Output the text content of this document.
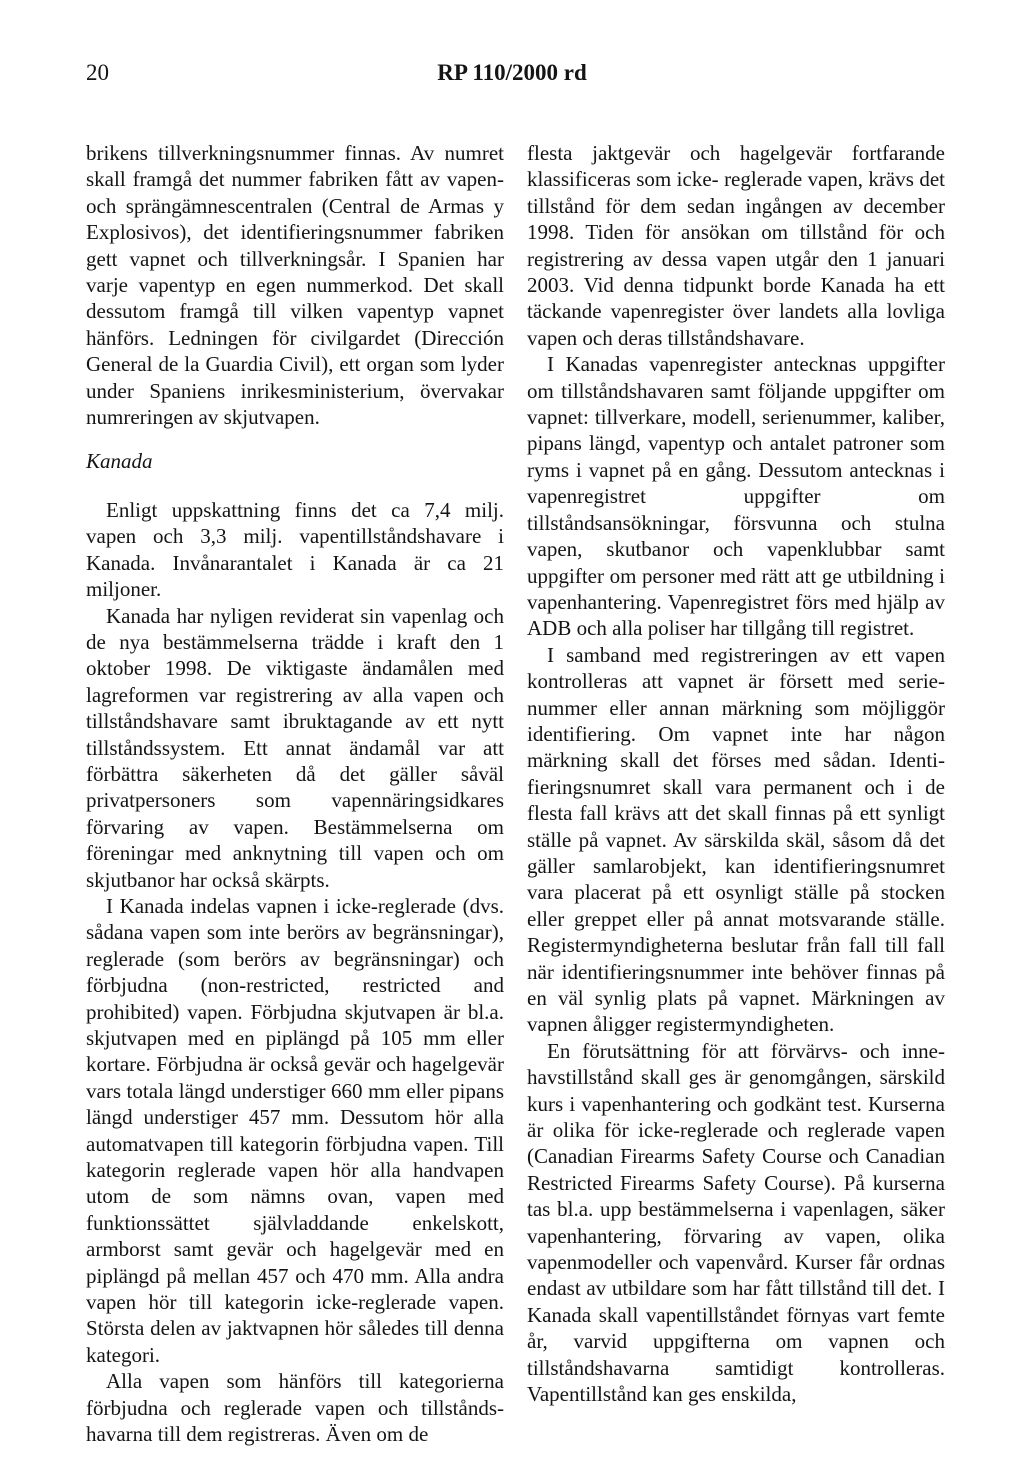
20	RP 110/2000 rd

brikens tillverkningsnummer finnas. Av numret skall framgå det nummer fabriken fått av vapen- och sprängämnescentralen (Central de Armas y Explosivos), det identifieringsnummer fabriken gett vapnet och tillverkningsår. I Spanien har varje vapentyp en egen nummerkod. Det skall dessutom framgå till vilken vapentyp vapnet hänförs. Ledningen för civilgardet (Dirección General de la Guardia Civil), ett organ som lyder under Spaniens inrikesministerium, övervakar numreringen av skjutvapen.

Kanada

Enligt uppskattning finns det ca 7,4 milj. vapen och 3,3 milj. vapentillståndshavare i Kanada. Invånarantalet i Kanada är ca 21 miljoner.

Kanada har nyligen reviderat sin vapenlag och de nya bestämmelserna trädde i kraft den 1 oktober 1998. De viktigaste ändamålen med lagreformen var registrering av alla vapen och tillståndshavare samt ibruktagande av ett nytt tillståndssystem. Ett annat ändamål var att förbättra säkerheten då det gäller såväl privatpersoners som vapennäringsidkares förvaring av vapen. Bestämmelserna om föreningar med anknytning till vapen och om skjutbanor har också skärpts.

I Kanada indelas vapnen i icke-reglerade (dvs. sådana vapen som inte berörs av begränsningar), reglerade (som berörs av begränsningar) och förbjudna (non-restricted, restricted and prohibited) vapen. Förbjudna skjutvapen är bl.a. skjutvapen med en piplängd på 105 mm eller kortare. Förbjudna är också gevär och hagelgevär vars totala längd understiger 660 mm eller pipans längd understiger 457 mm. Dessutom hör alla automatvapen till kategorin förbjudna vapen. Till kategorin reglerade vapen hör alla handvapen utom de som nämns ovan, vapen med funktionssättet självladdande enkelskott, armborst samt gevär och hagelgevär med en piplängd på mellan 457 och 470 mm. Alla andra vapen hör till kategorin icke-reglerade vapen. Största delen av jaktvapnen hör således till denna kategori.

Alla vapen som hänförs till kategorierna förbjudna och reglerade vapen och tillståndshavarna till dem registreras. Även om de

flesta jaktgevär och hagelgevär fortfarande klassificeras som icke- reglerade vapen, krävs det tillstånd för dem sedan ingången av december 1998. Tiden för ansökan om tillstånd för och registrering av dessa vapen utgår den 1 januari 2003. Vid denna tidpunkt borde Kanada ha ett täckande vapenregister över landets alla lovliga vapen och deras tillståndshavare.

I Kanadas vapenregister antecknas uppgifter om tillståndshavaren samt följande uppgifter om vapnet: tillverkare, modell, serienummer, kaliber, pipans längd, vapentyp och antalet patroner som ryms i vapnet på en gång. Dessutom antecknas i vapenregistret uppgifter om tillståndsansökningar, försvunna och stulna vapen, skutbanor och vapenklubbar samt uppgifter om personer med rätt att ge utbildning i vapenhantering. Vapenregistret förs med hjälp av ADB och alla poliser har tillgång till registret.

I samband med registreringen av ett vapen kontrolleras att vapnet är försett med serienummer eller annan märkning som möjliggör identifiering. Om vapnet inte har någon märkning skall det förses med sådan. Identifieringsnumret skall vara permanent och i de flesta fall krävs att det skall finnas på ett synligt ställe på vapnet. Av särskilda skäl, såsom då det gäller samlarobjekt, kan identifieringsnumret vara placerat på ett osynligt ställe på stocken eller greppet eller på annat motsvarande ställe. Registermyndigheterna beslutar från fall till fall när identifieringsnummer inte behöver finnas på en väl synlig plats på vapnet. Märkningen av vapnen åligger registermyndigheten.

En förutsättning för att förvärvs- och innehavstillstånd skall ges är genomgången, särskild kurs i vapenhantering och godkänt test. Kurserna är olika för icke-reglerade och reglerade vapen (Canadian Firearms Safety Course och Canadian Restricted Firearms Safety Course). På kurserna tas bl.a. upp bestämmelserna i vapenlagen, säker vapenhantering, förvaring av vapen, olika vapenmodeller och vapenvård. Kurser får ordnas endast av utbildare som har fått tillstånd till det. I Kanada skall vapentillståndet förnyas vart femte år, varvid uppgifterna om vapnen och tillståndshavarna samtidigt kontrolleras. Vapentillstånd kan ges enskilda,
